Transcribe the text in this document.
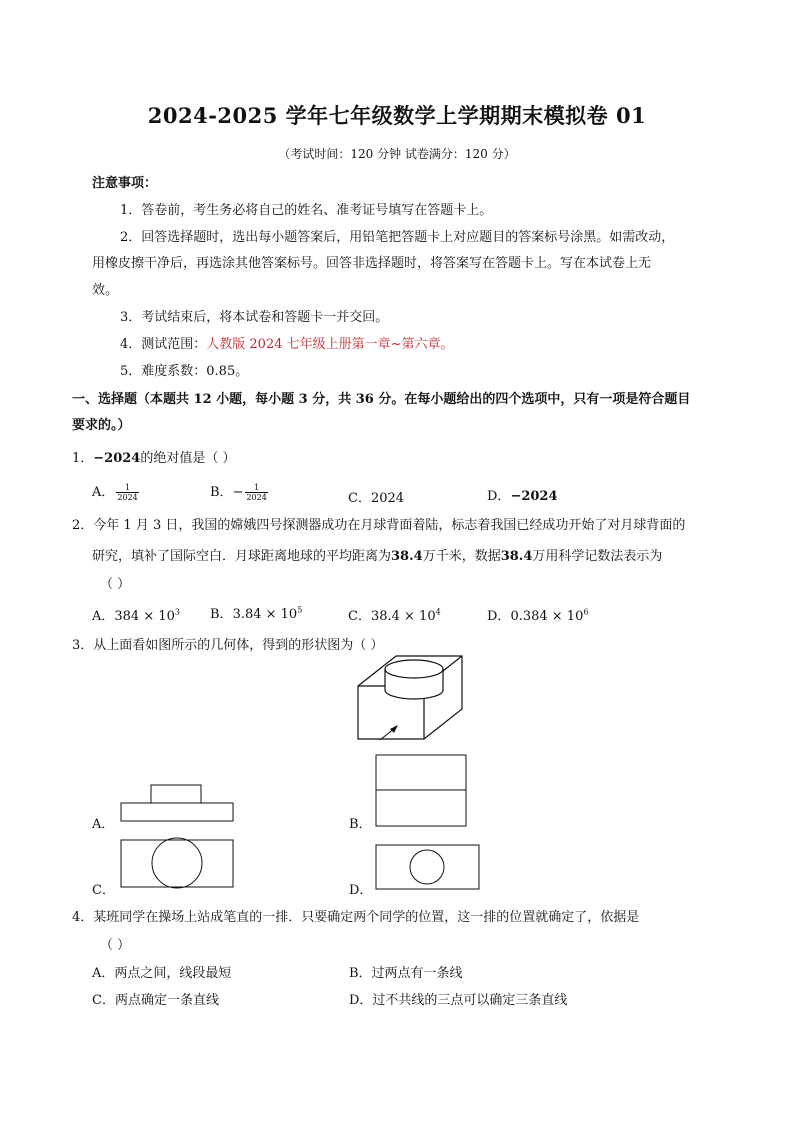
2024-2025 学年七年级数学上学期期末模拟卷 01
（考试时间：120 分钟 试卷满分：120 分）
注意事项：
1．答卷前，考生务必将自己的姓名、准考证号填写在答题卡上。
2．回答选择题时，选出每小题答案后，用铅笔把答题卡上对应题目的答案标号涂黑。如需改动，
用橡皮擦干净后，再选涂其他答案标号。回答非选择题时，将答案写在答题卡上。写在本试卷上无
效。
3．考试结束后，将本试卷和答题卡一并交回。
4．测试范围：人教版 2024 七年级上册第一章~第六章。
5．难度系数：0.85。
一、选择题（本题共 12 小题，每小题 3 分，共 36 分。在每小题给出的四个选项中，只有一项是符合题目
要求的。）
1．−2024的绝对值是（ ）
A． $\frac{1}{2024}$	B．− $\frac{1}{2024}$	C．2024	D．−2024
2．今年 1 月 3 日，我国的嫦娥四号探测器成功在月球背面着陆，标志着我国已经成功开始了对月球背面的
研究，填补了国际空白．月球距离地球的平均距离为38.4万千米，数据38.4万用科学记数法表示为
（ ）
A．$384 \times 10^3$ B．$3.84 \times 10^5$	C．$38.4 \times 10^4$	D．$0.384 \times 10^6$
3．从上面看如图所示的几何体，得到的形状图为（ ）
A．	B．
C．	D．
4．某班同学在操场上站成笔直的一排．只要确定两个同学的位置，这一排的位置就确定了，依据是
（ ）
A．两点之间，线段最短	B．过两点有一条线
C．两点确定一条直线	D．过不共线的三点可以确定三条直线
